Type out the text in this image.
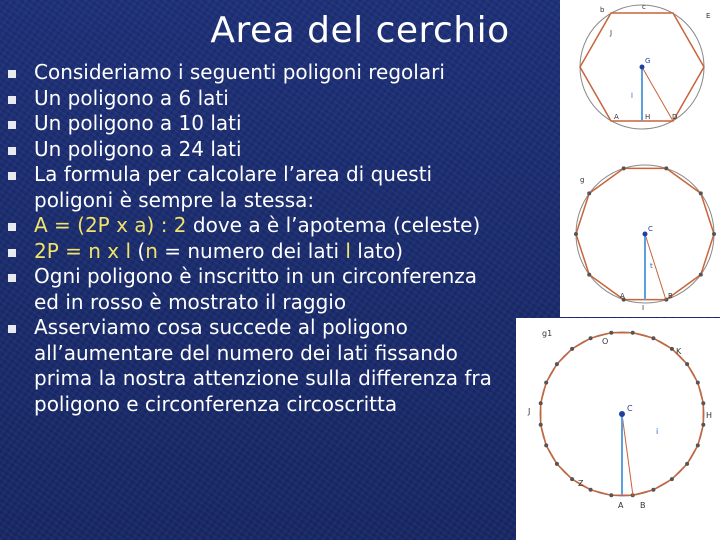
Area del cerchio
Consideriamo i seguenti poligoni regolari
Un poligono a 6 lati
Un poligono a 10 lati
Un poligono a 24 lati
La formula per calcolare l’area di questi
poligoni è sempre la stessa:
A = (2P x a) : 2 dove a è l’apotema (celeste)
2P = n x l (n = numero dei lati l lato)
Ogni poligono è inscritto in un circonferenza
ed in rosso è mostrato il raggio
Asserviamo cosa succede al poligono
all’aumentare del numero dei lati fissando
prima la nostra attenzione sulla differenza fra
poligono e circonferenza circoscritta
c
b
E
J
G
l
A	H	D
g
C
t
A
I
B
g1
O
K
C
i
H
J
A
Z
B
